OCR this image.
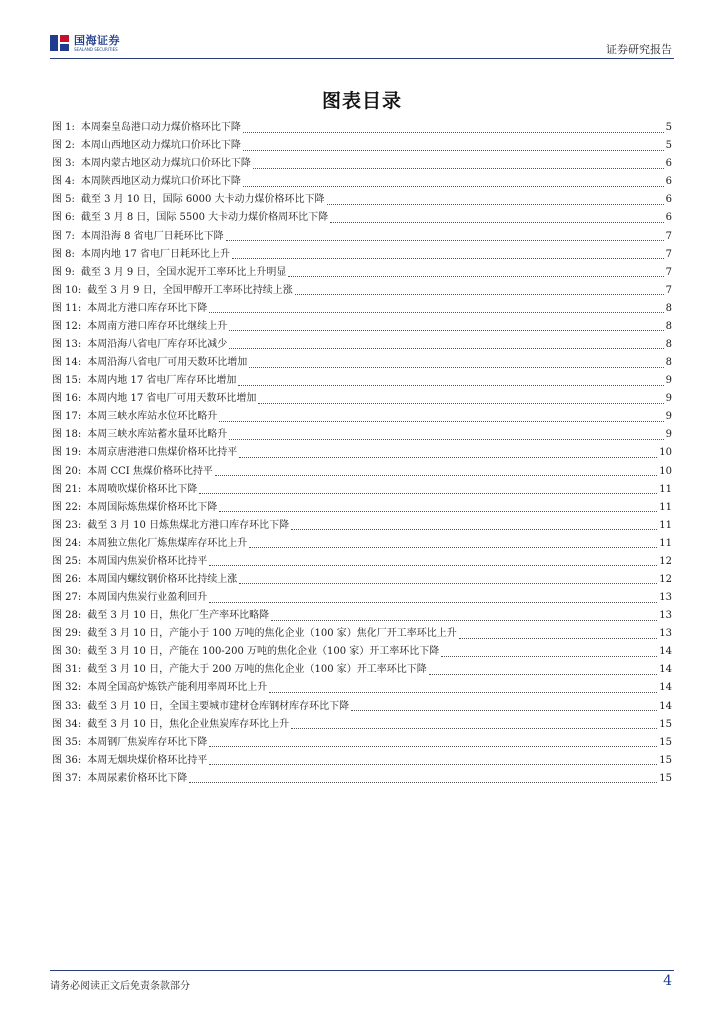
国海证券
SEALAND SECURITIES	证券研究报告
图表目录
图 1: 本周秦皇岛港口动力煤价格环比下降	5
图 2: 本周山西地区动力煤坑口价环比下降	5
图 3: 本周内蒙古地区动力煤坑口价环比下降	6
图 4: 本周陕西地区动力煤坑口价环比下降	6
图 5: 截至 3 月 10 日，国际 6000 大卡动力煤价格环比下降	6
图 6: 截至 3 月 8 日，国际 5500 大卡动力煤价格周环比下降	6
图 7: 本周沿海 8 省电厂日耗环比下降	7
图 8: 本周内地 17 省电厂日耗环比上升	7
图 9: 截至 3 月 9 日，全国水泥开工率环比上升明显	7
图 10: 截至 3 月 9 日，全国甲醇开工率环比持续上涨	7
图 11: 本周北方港口库存环比下降	8
图 12: 本周南方港口库存环比继续上升	8
图 13: 本周沿海八省电厂库存环比减少	8
图 14: 本周沿海八省电厂可用天数环比增加	8
图 15: 本周内地 17 省电厂库存环比增加	9
图 16: 本周内地 17 省电厂可用天数环比增加	9
图 17: 本周三峡水库站水位环比略升	9
图 18: 本周三峡水库站蓄水量环比略升	9
图 19: 本周京唐港港口焦煤价格环比持平	10
图 20: 本周 CCI 焦煤价格环比持平	10
图 21: 本周喷吹煤价格环比下降	11
图 22: 本周国际炼焦煤价格环比下降	11
图 23: 截至 3 月 10 日炼焦煤北方港口库存环比下降	11
图 24: 本周独立焦化厂炼焦煤库存环比上升	11
图 25: 本周国内焦炭价格环比持平	12
图 26: 本周国内螺纹钢价格环比持续上涨	12
图 27: 本周国内焦炭行业盈利回升	13
图 28: 截至 3 月 10 日，焦化厂生产率环比略降	13
图 29: 截至 3 月 10 日，产能小于 100 万吨的焦化企业（100 家）焦化厂开工率环比上升	13
图 30: 截至 3 月 10 日，产能在 100-200 万吨的焦化企业（100 家）开工率环比下降	14
图 31: 截至 3 月 10 日，产能大于 200 万吨的焦化企业（100 家）开工率环比下降	14
图 32: 本周全国高炉炼铁产能利用率周环比上升	14
图 33: 截至 3 月 10 日，全国主要城市建材仓库钢材库存环比下降	14
图 34: 截至 3 月 10 日，焦化企业焦炭库存环比上升	15
图 35: 本周钢厂焦炭库存环比下降	15
图 36: 本周无烟块煤价格环比持平	15
图 37: 本周尿素价格环比下降	15
请务必阅读正文后免责条款部分	4
